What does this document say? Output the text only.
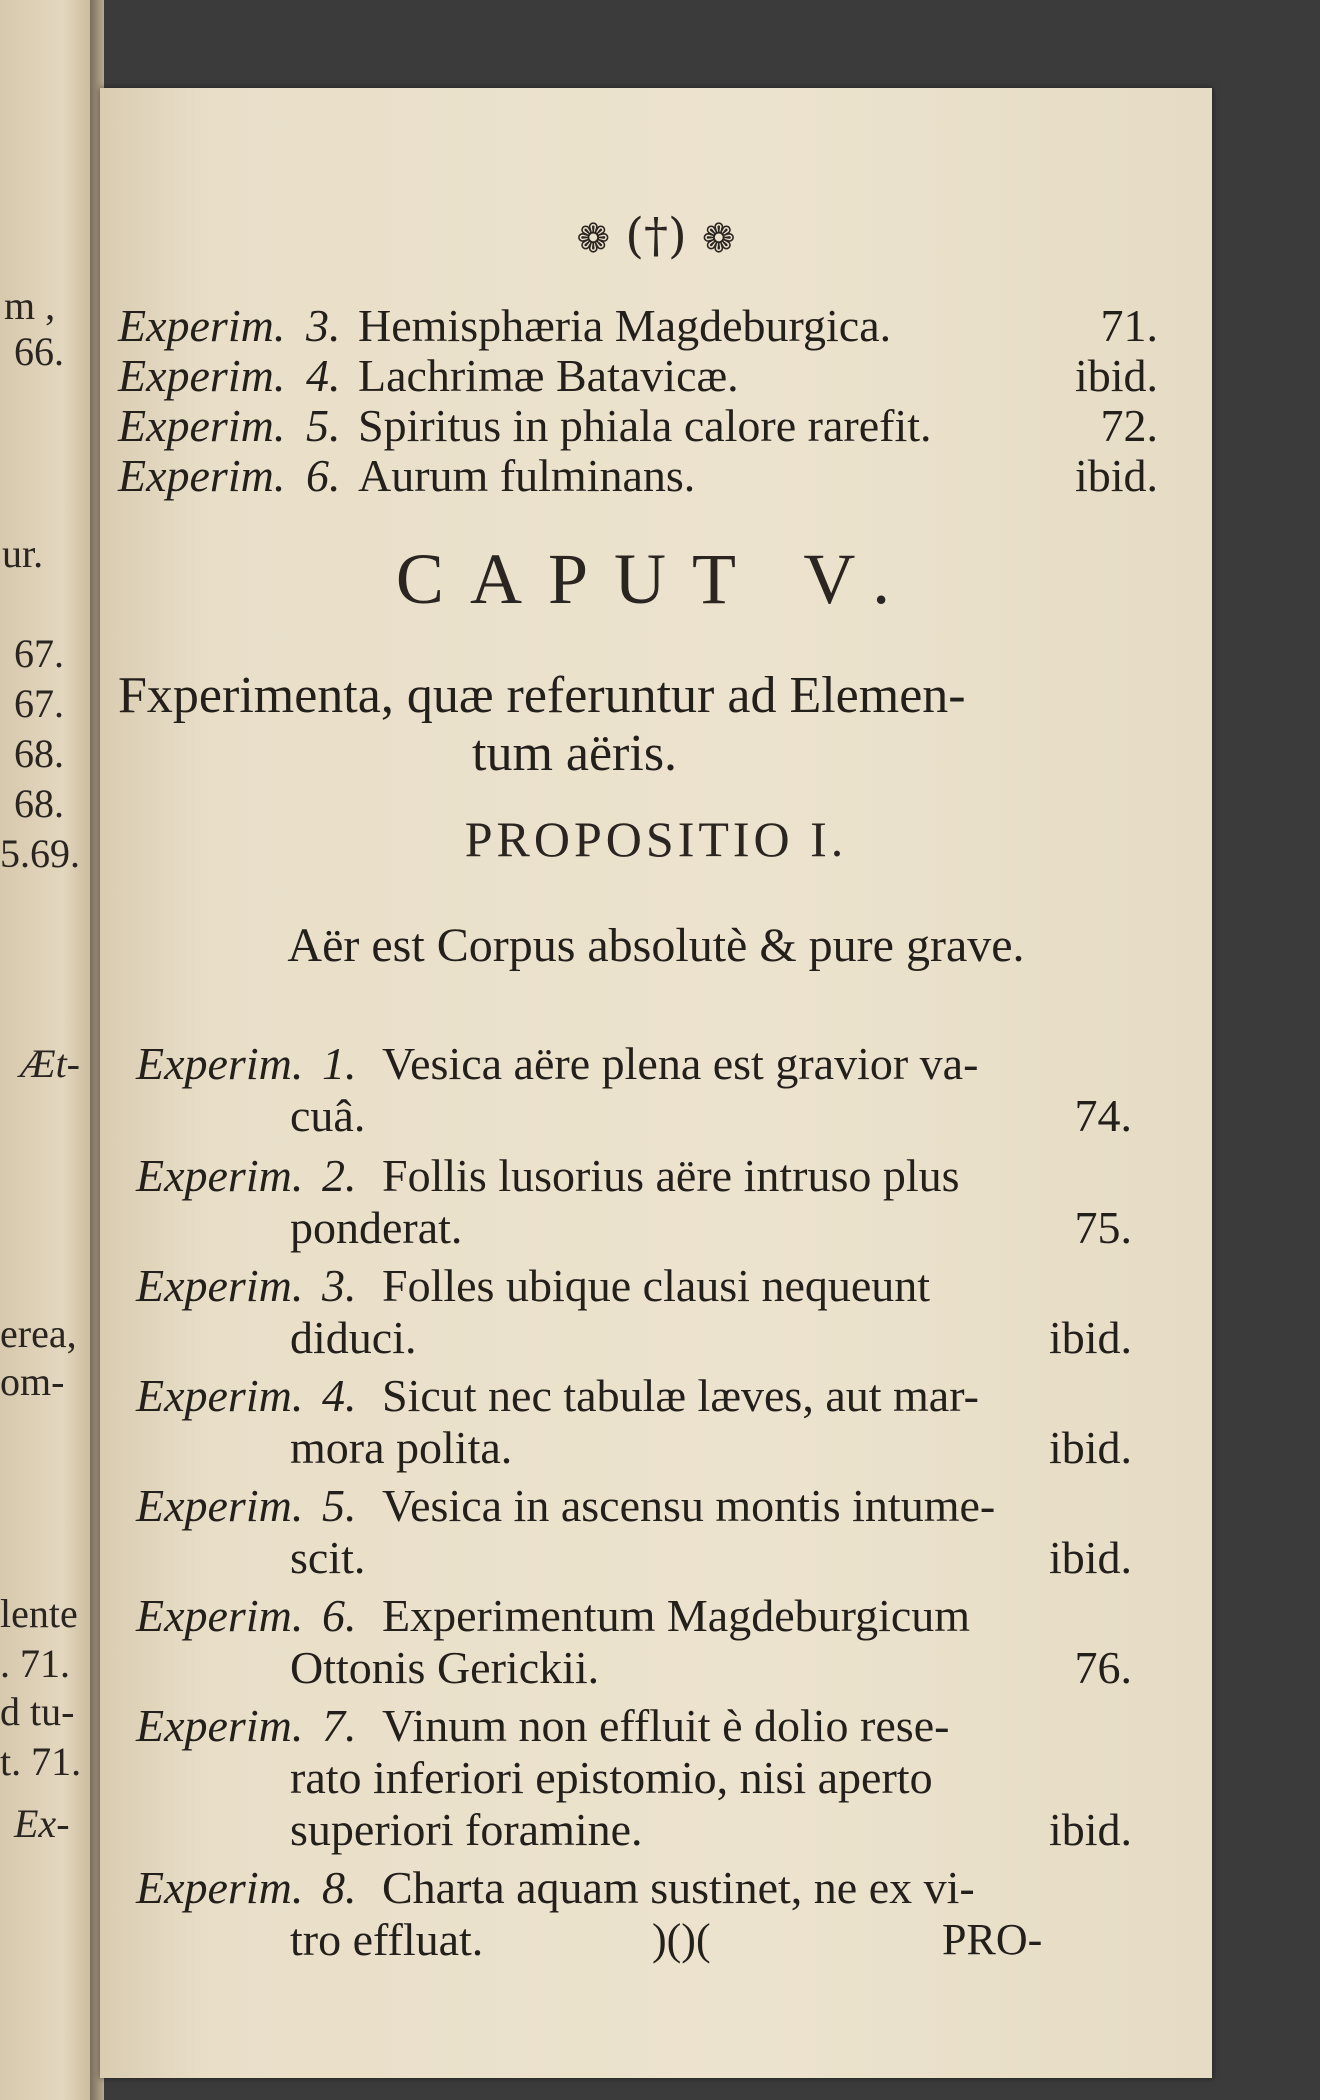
m ,
66.
ur.
67.
67.
68.
68.
5.69.
Æt-
erea,
om-
lente
. 71.
d tu-
t. 71.
Ex-
❁ (†) ❁
Experim. 3. Hemisphæria Magdeburgica.	71.
Experim. 4. Lachrimæ Batavicæ.	ibid.
Experim. 5. Spiritus in phiala calore rarefit.	72.
Experim. 6. Aurum fulminans.	ibid.
CAPUT V.
Fxperimenta, quæ referuntur ad Elemen-
tum aëris.
PROPOSITIO I.
Aër est Corpus absolutè & pure grave.
Experim. 1. Vesica aëre plena est gravior va-
cuâ.	74.
Experim. 2. Follis lusorius aëre intruso plus
ponderat.	75.
Experim. 3. Folles ubique clausi nequeunt
diduci.	ibid.
Experim. 4. Sicut nec tabulæ læves, aut mar-
mora polita.	ibid.
Experim. 5. Vesica in ascensu montis intume-
scit.	ibid.
Experim. 6. Experimentum Magdeburgicum
Ottonis Gerickii.	76.
Experim. 7. Vinum non effluit è dolio rese-
rato inferiori epistomio, nisi aperto
superiori foramine.	ibid.
Experim. 8. Charta aquam sustinet, ne ex vi-
tro effluat.	)()(	PRO-
